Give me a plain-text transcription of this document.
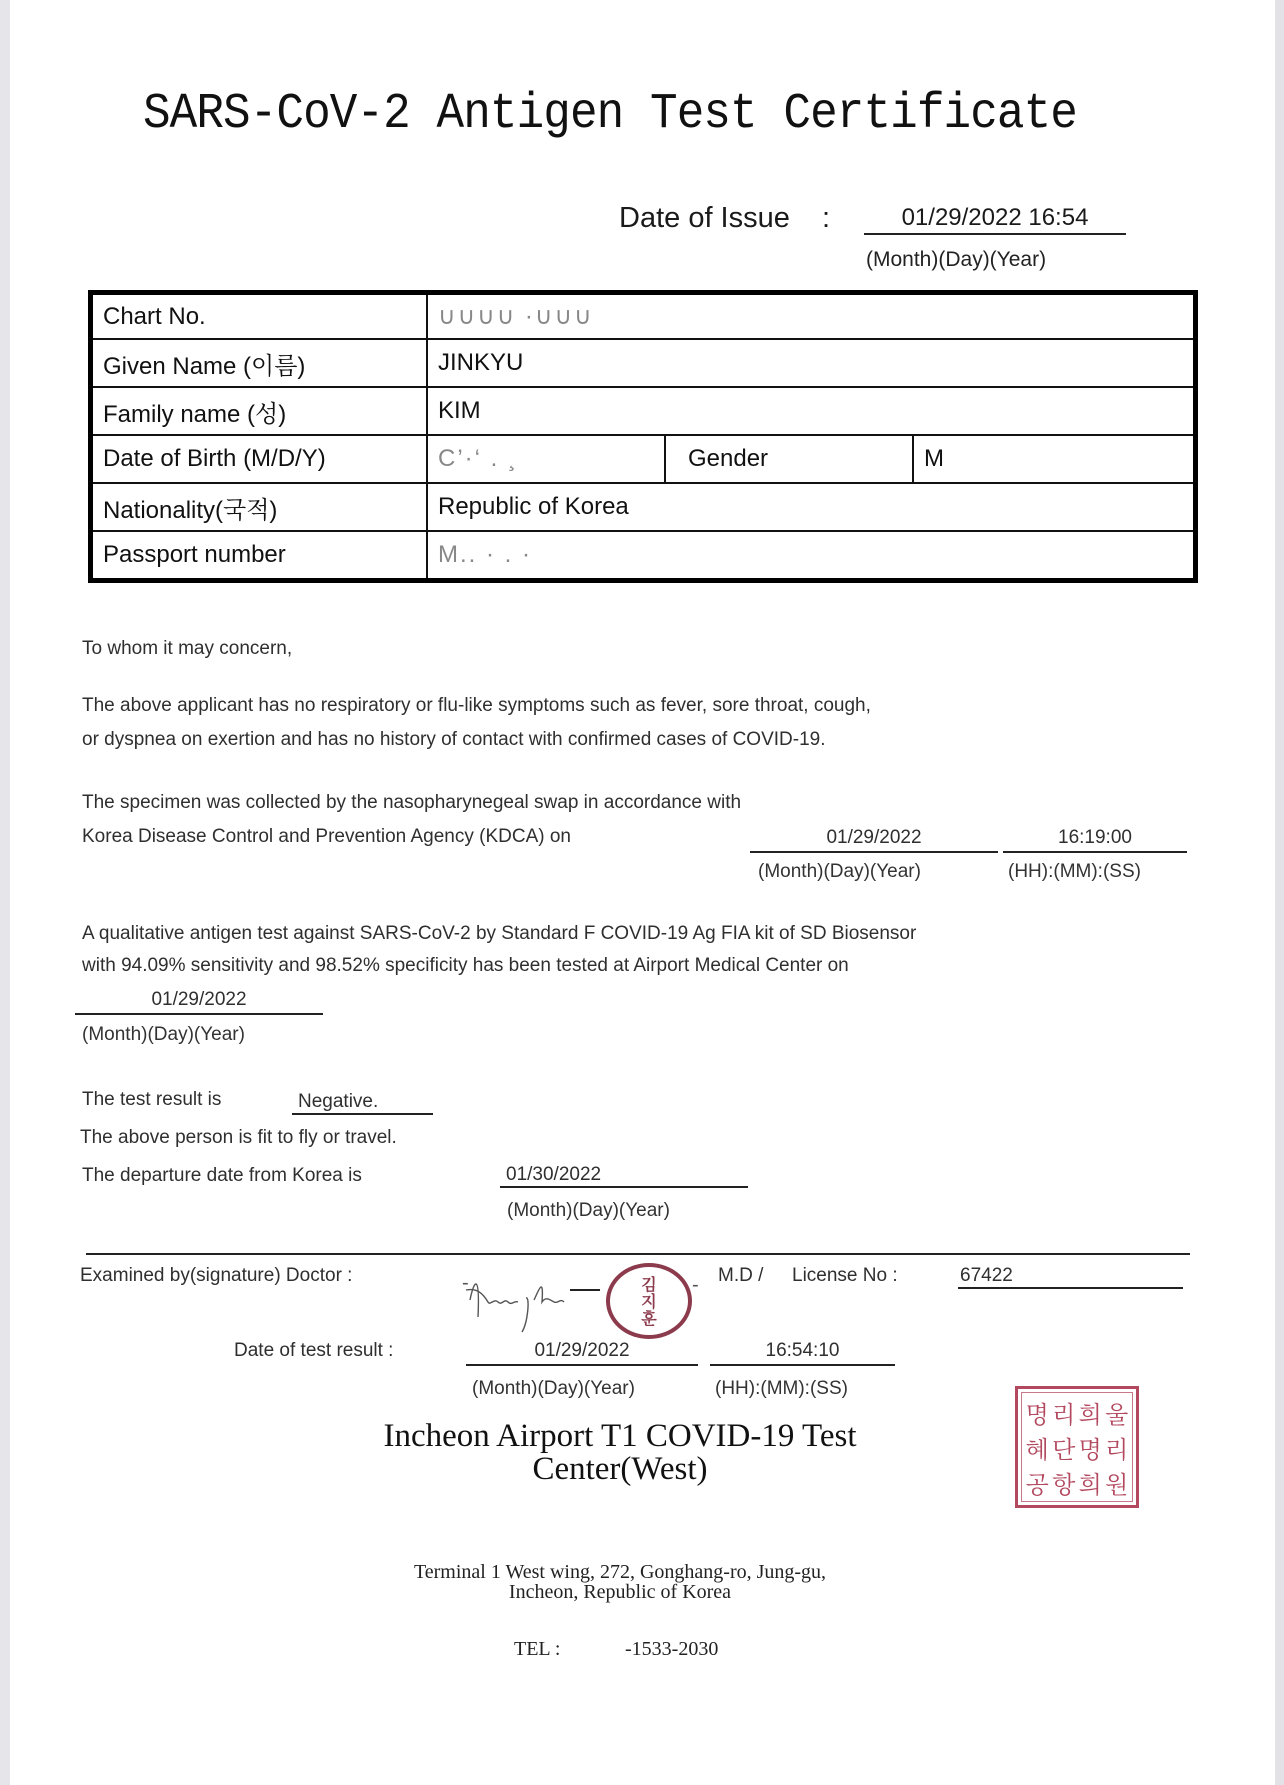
SARS-CoV-2 Antigen Test Certificate
Date of Issue :	01/29/2022 16:54
(Month)(Day)(Year)
Chart No.	∪∪∪∪ ·∪∪∪		
Given Name (이름)	JINKYU		
Family name (성)	KIM		
Date of Birth (M/D/Y)	C’·‘ . ¸	Gender	M
Nationality(국적)	Republic of Korea		
Passport number	M.. · . ·		
To whom it may concern,
The above applicant has no respiratory or flu-like symptoms such as fever, sore throat, cough,
or dyspnea on exertion and has no history of contact with confirmed cases of COVID-19.
The specimen was collected by the nasopharynegeal swap in accordance with
Korea Disease Control and Prevention Agency (KDCA) on	01/29/2022	16:19:00
(Month)(Day)(Year)	(HH):(MM):(SS)
A qualitative antigen test against SARS-CoV-2 by Standard F COVID-19 Ag FIA kit of SD Biosensor
with 94.09% sensitivity and 98.52% specificity has been tested at Airport Medical Center on
01/29/2022
(Month)(Day)(Year)
The test result is	Negative.
The above person is fit to fly or travel.
The departure date from Korea is	01/30/2022
(Month)(Day)(Year)
Examined by(signature) Doctor :	-	김
지
훈
- M.D / License No :	67422
Date of test result :	01/29/2022	16:54:10
(Month)(Day)(Year)	(HH):(MM):(SS)
명 리 희 울
혜 단 명 리
공 항 희 원
Incheon Airport T1 COVID-19 Test
Center(West)
Terminal 1 West wing, 272, Gonghang-ro, Jung-gu,
Incheon, Republic of Korea
TEL :	-1533-2030
